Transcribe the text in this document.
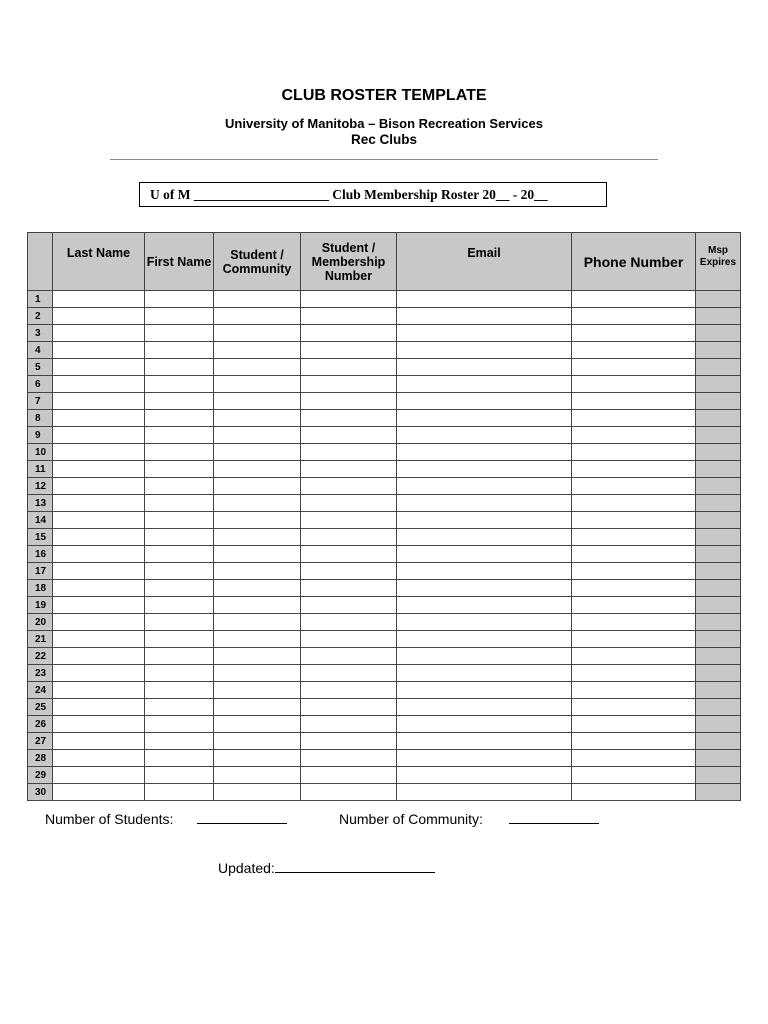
CLUB ROSTER TEMPLATE
University of Manitoba – Bison Recreation Services
Rec Clubs
U of M ____________________ Club Membership Roster 20__ - 20__
	Last Name	First Name	Student / Community	Student / Membership Number	Email	Phone Number	Msp Expires
1							
2							
3							
4							
5							
6							
7							
8							
9							
10							
11							
12							
13							
14							
15							
16							
17							
18							
19							
20							
21							
22							
23							
24							
25							
26							
27							
28							
29							
30							
Number of Students:	Number of Community:
Updated:
